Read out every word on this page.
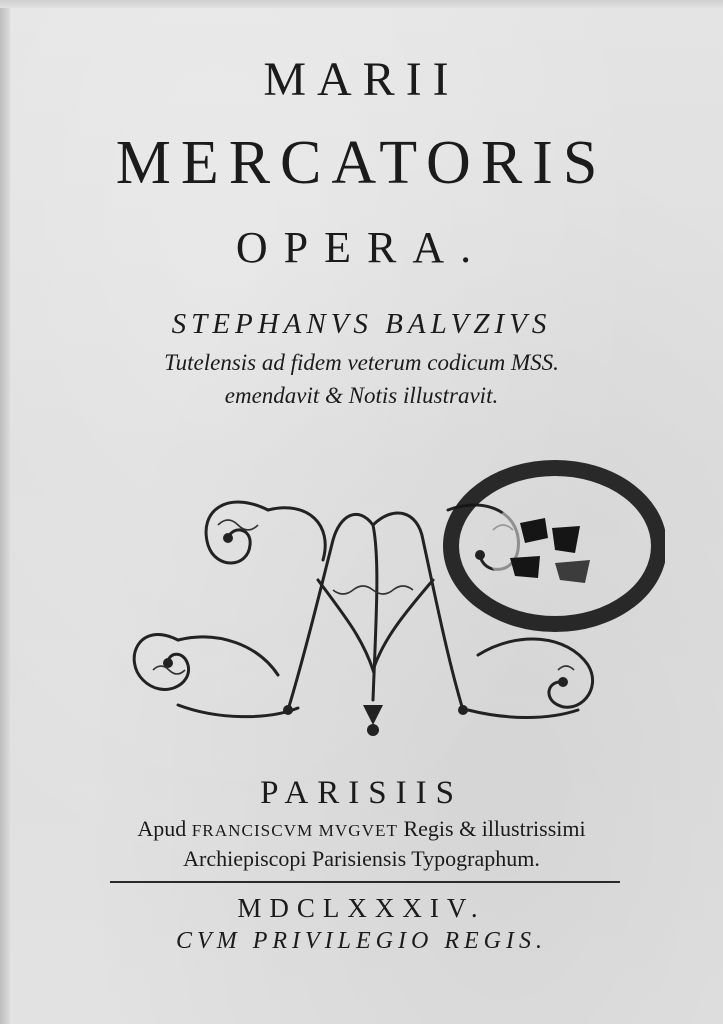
MARII
MERCATORIS
OPERA.
STEPHANVS BALVZIVS
Tutelensis ad fidem veterum codicum MSS.
emendavit & Notis illustravit.
PARISIIS
Apud FRANCISCVM MVGVET Regis & illustrissimi
Archiepiscopi Parisiensis Typographum.
MDCLXXXIV.
CVM PRIVILEGIO REGIS.
